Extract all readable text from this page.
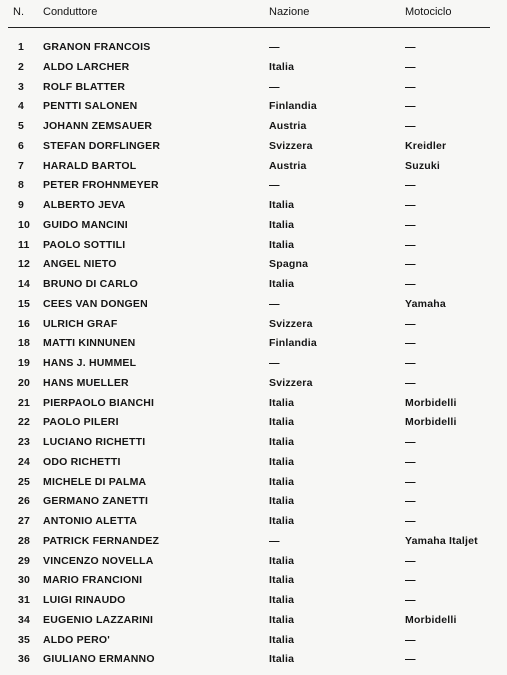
N. Conduttore	Nazione	Motociclo
1	GRANON FRANCOIS	—	—
2	ALDO LARCHER	Italia	—
3	ROLF BLATTER	—	—
4	PENTTI SALONEN	Finlandia	—
5	JOHANN ZEMSAUER	Austria	—
6	STEFAN DORFLINGER	Svizzera	Kreidler
7	HARALD BARTOL	Austria	Suzuki
8	PETER FROHNMEYER	—	—
9	ALBERTO JEVA	Italia	—
10	GUIDO MANCINI	Italia	—
11	PAOLO SOTTILI	Italia	—
12	ANGEL NIETO	Spagna	—
14	BRUNO DI CARLO	Italia	—
15	CEES VAN DONGEN	—	Yamaha
16	ULRICH GRAF	Svizzera	—
18	MATTI KINNUNEN	Finlandia	—
19	HANS J. HUMMEL	—	—
20	HANS MUELLER	Svizzera	—
21	PIERPAOLO BIANCHI	Italia	Morbidelli
22	PAOLO PILERI	Italia	Morbidelli
23	LUCIANO RICHETTI	Italia	—
24	ODO RICHETTI	Italia	—
25	MICHELE DI PALMA	Italia	—
26	GERMANO ZANETTI	Italia	—
27	ANTONIO ALETTA	Italia	—
28	PATRICK FERNANDEZ	—	Yamaha Italjet
29	VINCENZO NOVELLA	Italia	—
30	MARIO FRANCIONI	Italia	—
31	LUIGI RINAUDO	Italia	—
34	EUGENIO LAZZARINI	Italia	Morbidelli
35	ALDO PERO'	Italia	—
36	GIULIANO ERMANNO	Italia	—
